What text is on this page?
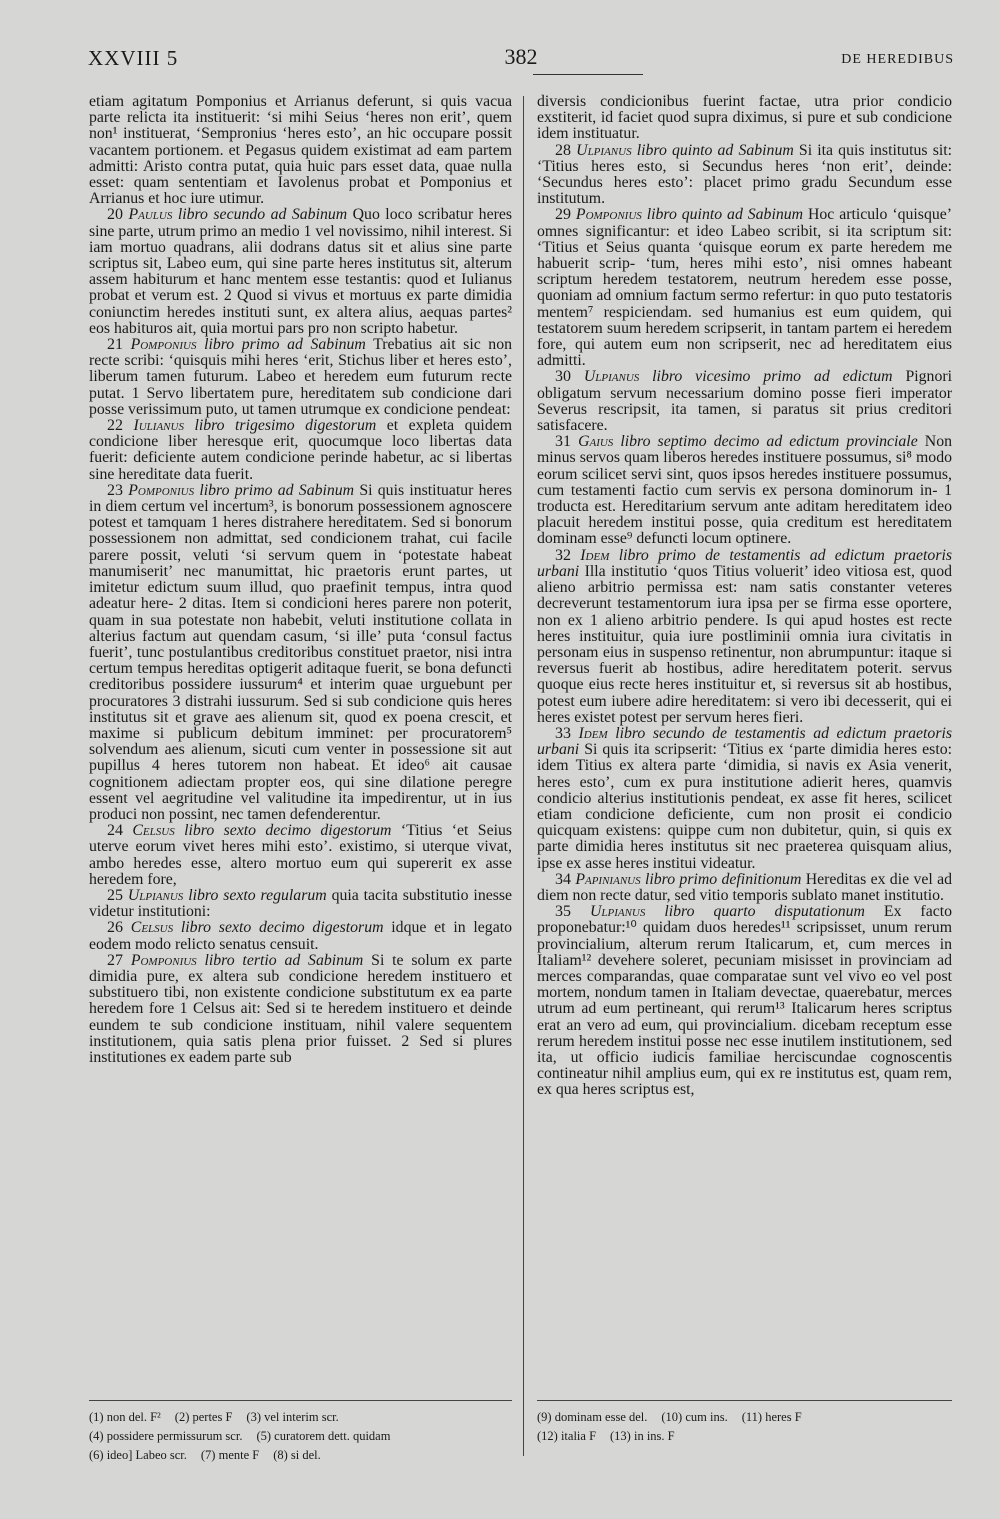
XXVIII 5	382	DE HEREDIBUS

etiam agitatum Pomponius et Arrianus deferunt, si quis vacua parte relicta ita instituerit: ‘si mihi Seius ‘heres non erit’, quem non¹ instituerat, ‘Sempronius ‘heres esto’, an hic occupare possit vacantem portionem. et Pegasus quidem existimat ad eam partem admitti: Aristo contra putat, quia huic pars esset data, quae nulla esset: quam sententiam et Iavolenus probat et Pomponius et Arrianus et hoc iure utimur.

20 Paulus libro secundo ad Sabinum Quo loco scribatur heres sine parte, utrum primo an medio 1 vel novissimo, nihil interest. Si iam mortuo quadrans, alii dodrans datus sit et alius sine parte scriptus sit, Labeo eum, qui sine parte heres institutus sit, alterum assem habiturum et hanc mentem esse testantis: quod et Iulianus probat et verum est. 2 Quod si vivus et mortuus ex parte dimidia coniunctim heredes instituti sunt, ex altera alius, aequas partes² eos habituros ait, quia mortui pars pro non scripto habetur.

21 Pomponius libro primo ad Sabinum Trebatius ait sic non recte scribi: ‘quisquis mihi heres ‘erit, Stichus liber et heres esto’, liberum tamen futurum. Labeo et heredem eum futurum recte putat. 1 Servo libertatem pure, hereditatem sub condicione dari posse verissimum puto, ut tamen utrumque ex condicione pendeat:

22 Iulianus libro trigesimo digestorum et expleta quidem condicione liber heresque erit, quocumque loco libertas data fuerit: deficiente autem condicione perinde habetur, ac si libertas sine hereditate data fuerit.

23 Pomponius libro primo ad Sabinum Si quis instituatur heres in diem certum vel incertum³, is bonorum possessionem agnoscere potest et tamquam 1 heres distrahere hereditatem. Sed si bonorum possessionem non admittat, sed condicionem trahat, cui facile parere possit, veluti ‘si servum quem in ‘potestate habeat manumiserit’ nec manumittat, hic praetoris erunt partes, ut imitetur edictum suum illud, quo praefinit tempus, intra quod adeatur here- 2 ditas. Item si condicioni heres parere non poterit, quam in sua potestate non habebit, veluti institutione collata in alterius factum aut quendam casum, ‘si ille’ puta ‘consul factus fuerit’, tunc postulantibus creditoribus constituet praetor, nisi intra certum tempus hereditas optigerit aditaque fuerit, se bona defuncti creditoribus possidere iussurum⁴ et interim quae urguebunt per procuratores 3 distrahi iussurum. Sed si sub condicione quis heres institutus sit et grave aes alienum sit, quod ex poena crescit, et maxime si publicum debitum imminet: per procuratorem⁵ solvendum aes alienum, sicuti cum venter in possessione sit aut pupillus 4 heres tutorem non habeat. Et ideo⁶ ait causae cognitionem adiectam propter eos, qui sine dilatione peregre essent vel aegritudine vel valitudine ita impedirentur, ut in ius produci non possint, nec tamen defenderentur.

24 Celsus libro sexto decimo digestorum ‘Titius ‘et Seius uterve eorum vivet heres mihi esto’. existimo, si uterque vivat, ambo heredes esse, altero mortuo eum qui supererit ex asse heredem fore,

25 Ulpianus libro sexto regularum quia tacita substitutio inesse videtur institutioni:

26 Celsus libro sexto decimo digestorum idque et in legato eodem modo relicto senatus censuit.

27 Pomponius libro tertio ad Sabinum Si te solum ex parte dimidia pure, ex altera sub condicione heredem instituero et substituero tibi, non existente condicione substitutum ex ea parte heredem fore 1 Celsus ait: Sed si te heredem instituero et deinde eundem te sub condicione instituam, nihil valere sequentem institutionem, quia satis plena prior fuisset. 2 Sed si plures institutiones ex eadem parte sub

diversis condicionibus fuerint factae, utra prior condicio exstiterit, id faciet quod supra diximus, si pure et sub condicione idem instituatur.

28 Ulpianus libro quinto ad Sabinum Si ita quis institutus sit: ‘Titius heres esto, si Secundus heres ‘non erit’, deinde: ‘Secundus heres esto’: placet primo gradu Secundum esse institutum.

29 Pomponius libro quinto ad Sabinum Hoc articulo ‘quisque’ omnes significantur: et ideo Labeo scribit, si ita scriptum sit: ‘Titius et Seius quanta ‘quisque eorum ex parte heredem me habuerit scrip- ‘tum, heres mihi esto’, nisi omnes habeant scriptum heredem testatorem, neutrum heredem esse posse, quoniam ad omnium factum sermo refertur: in quo puto testatoris mentem⁷ respiciendam. sed humanius est eum quidem, qui testatorem suum heredem scripserit, in tantam partem ei heredem fore, qui autem eum non scripserit, nec ad hereditatem eius admitti.

30 Ulpianus libro vicesimo primo ad edictum Pignori obligatum servum necessarium domino posse fieri imperator Severus rescripsit, ita tamen, si paratus sit prius creditori satisfacere.

31 Gaius libro septimo decimo ad edictum provinciale Non minus servos quam liberos heredes instituere possumus, si⁸ modo eorum scilicet servi sint, quos ipsos heredes instituere possumus, cum testamenti factio cum servis ex persona dominorum in- 1 troducta est. Hereditarium servum ante aditam hereditatem ideo placuit heredem institui posse, quia creditum est hereditatem dominam esse⁹ defuncti locum optinere.

32 Idem libro primo de testamentis ad edictum praetoris urbani Illa institutio ‘quos Titius voluerit’ ideo vitiosa est, quod alieno arbitrio permissa est: nam satis constanter veteres decreverunt testamentorum iura ipsa per se firma esse oportere, non ex 1 alieno arbitrio pendere. Is qui apud hostes est recte heres instituitur, quia iure postliminii omnia iura civitatis in personam eius in suspenso retinentur, non abrumpuntur: itaque si reversus fuerit ab hostibus, adire hereditatem poterit. servus quoque eius recte heres instituitur et, si reversus sit ab hostibus, potest eum iubere adire hereditatem: si vero ibi decesserit, qui ei heres existet potest per servum heres fieri.

33 Idem libro secundo de testamentis ad edictum praetoris urbani Si quis ita scripserit: ‘Titius ex ‘parte dimidia heres esto: idem Titius ex altera parte ‘dimidia, si navis ex Asia venerit, heres esto’, cum ex pura institutione adierit heres, quamvis condicio alterius institutionis pendeat, ex asse fit heres, scilicet etiam condicione deficiente, cum non prosit ei condicio quicquam existens: quippe cum non dubitetur, quin, si quis ex parte dimidia heres institutus sit nec praeterea quisquam alius, ipse ex asse heres institui videatur.

34 Papinianus libro primo definitionum Hereditas ex die vel ad diem non recte datur, sed vitio temporis sublato manet institutio.

35 Ulpianus libro quarto disputationum Ex facto proponebatur:¹⁰ quidam duos heredes¹¹ scripsisset, unum rerum provincialium, alterum rerum Italicarum, et, cum merces in Italiam¹² devehere soleret, pecuniam misisset in provinciam ad merces comparandas, quae comparatae sunt vel vivo eo vel post mortem, nondum tamen in Italiam devectae, quaerebatur, merces utrum ad eum pertineant, qui rerum¹³ Italicarum heres scriptus erat an vero ad eum, qui provincialium. dicebam receptum esse rerum heredem institui posse nec esse inutilem institutionem, sed ita, ut officio iudicis familiae herciscundae cognoscentis contineatur nihil amplius eum, qui ex re institutus est, quam rem, ex qua heres scriptus est,

(1) non del. F² (2) pertes F (3) vel interim scr.
(4) possidere permissurum scr. (5) curatorem dett. quidam
(6) ideo] Labeo scr. (7) mente F (8) si del.
(9) dominam esse del. (10) cum ins. (11) heres F
(12) italia F (13) in ins. F
